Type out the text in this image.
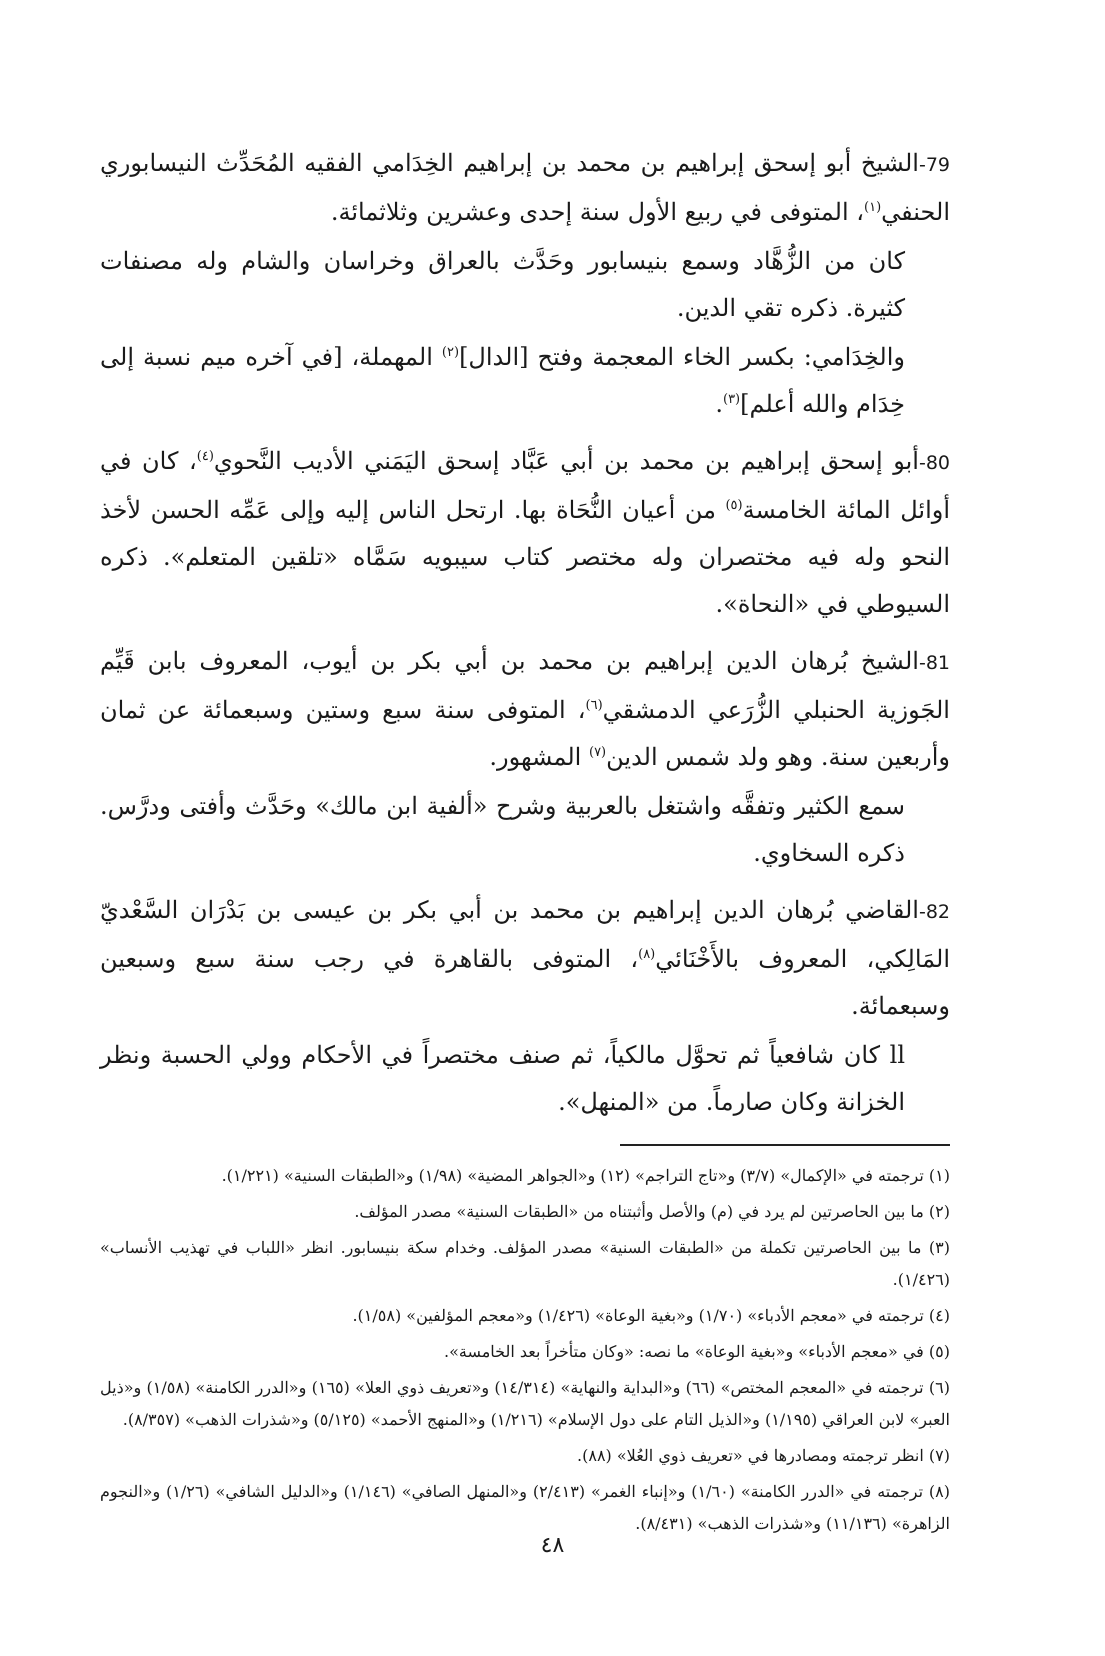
79-الشيخ أبو إسحق إبراهيم بن محمد بن إبراهيم الخِدَامي الفقيه المُحَدِّث النيسابوري الحنفي$^{(١)}$، المتوفى في ربيع الأول سنة إحدى وعشرين وثلاثمائة.

كان من الزُّهَّاد وسمع بنيسابور وحَدَّث بالعراق وخراسان والشام وله مصنفات كثيرة. ذكره تقي الدين.

والخِدَامي: بكسر الخاء المعجمة وفتح [الدال]$^{(٢)}$ المهملة، [في آخره ميم نسبة إلى خِدَام والله أعلم]$^{(٣)}$.

80-أبو إسحق إبراهيم بن محمد بن أبي عَبَّاد إسحق اليَمَني الأديب النَّحوي$^{(٤)}$، كان في أوائل المائة الخامسة$^{(٥)}$ من أعيان النُّحَاة بها. ارتحل الناس إليه وإلى عَمِّه الحسن لأخذ النحو وله فيه مختصران وله مختصر كتاب سيبويه سَمَّاه «تلقين المتعلم». ذكره السيوطي في «النحاة».

81-الشيخ بُرهان الدين إبراهيم بن محمد بن أبي بكر بن أيوب، المعروف بابن قَيِّم الجَوزية الحنبلي الزُّرَعي الدمشقي$^{(٦)}$، المتوفى سنة سبع وستين وسبعمائة عن ثمان وأربعين سنة. وهو ولد شمس الدين$^{(٧)}$ المشهور.

سمع الكثير وتفقَّه واشتغل بالعربية وشرح «ألفية ابن مالك» وحَدَّث وأفتى ودرَّس. ذكره السخاوي.

82-القاضي بُرهان الدين إبراهيم بن محمد بن أبي بكر بن عيسى بن بَدْرَان السَّعْديّ المَالِكي، المعروف بالأَخْنَائي$^{(٨)}$، المتوفى بالقاهرة في رجب سنة سبع وسبعين وسبعمائة.

ll كان شافعياً ثم تحوَّل مالكياً، ثم صنف مختصراً في الأحكام وولي الحسبة ونظر الخزانة وكان صارماً. من «المنهل».

(١) ترجمته في «الإكمال» (٣/٧) و«تاج التراجم» (١٢) و«الجواهر المضية» (١/٩٨) و«الطبقات السنية» (١/٢٢١).

(٢) ما بين الحاصرتين لم يرد في (م) والأصل وأثبتناه من «الطبقات السنية» مصدر المؤلف.

(٣) ما بين الحاصرتين تكملة من «الطبقات السنية» مصدر المؤلف. وخدام سكة بنيسابور. انظر «اللباب في تهذيب الأنساب» (١/٤٢٦).

(٤) ترجمته في «معجم الأدباء» (١/٧٠) و«بغية الوعاة» (١/٤٢٦) و«معجم المؤلفين» (١/٥٨).

(٥) في «معجم الأدباء» و«بغية الوعاة» ما نصه: «وكان متأخراً بعد الخامسة».

(٦) ترجمته في «المعجم المختص» (٦٦) و«البداية والنهاية» (١٤/٣١٤) و«تعريف ذوي العلا» (١٦٥) و«الدرر الكامنة» (١/٥٨) و«ذيل العبر» لابن العراقي (١/١٩٥) و«الذيل التام على دول الإسلام» (١/٢١٦) و«المنهج الأحمد» (٥/١٢٥) و«شذرات الذهب» (٨/٣٥٧).

(٧) انظر ترجمته ومصادرها في «تعريف ذوي العُلا» (٨٨).

(٨) ترجمته في «الدرر الكامنة» (١/٦٠) و«إنباء الغمر» (٢/٤١٣) و«المنهل الصافي» (١/١٤٦) و«الدليل الشافي» (١/٢٦) و«النجوم الزاهرة» (١١/١٣٦) و«شذرات الذهب» (٨/٤٣١).

٤٨
